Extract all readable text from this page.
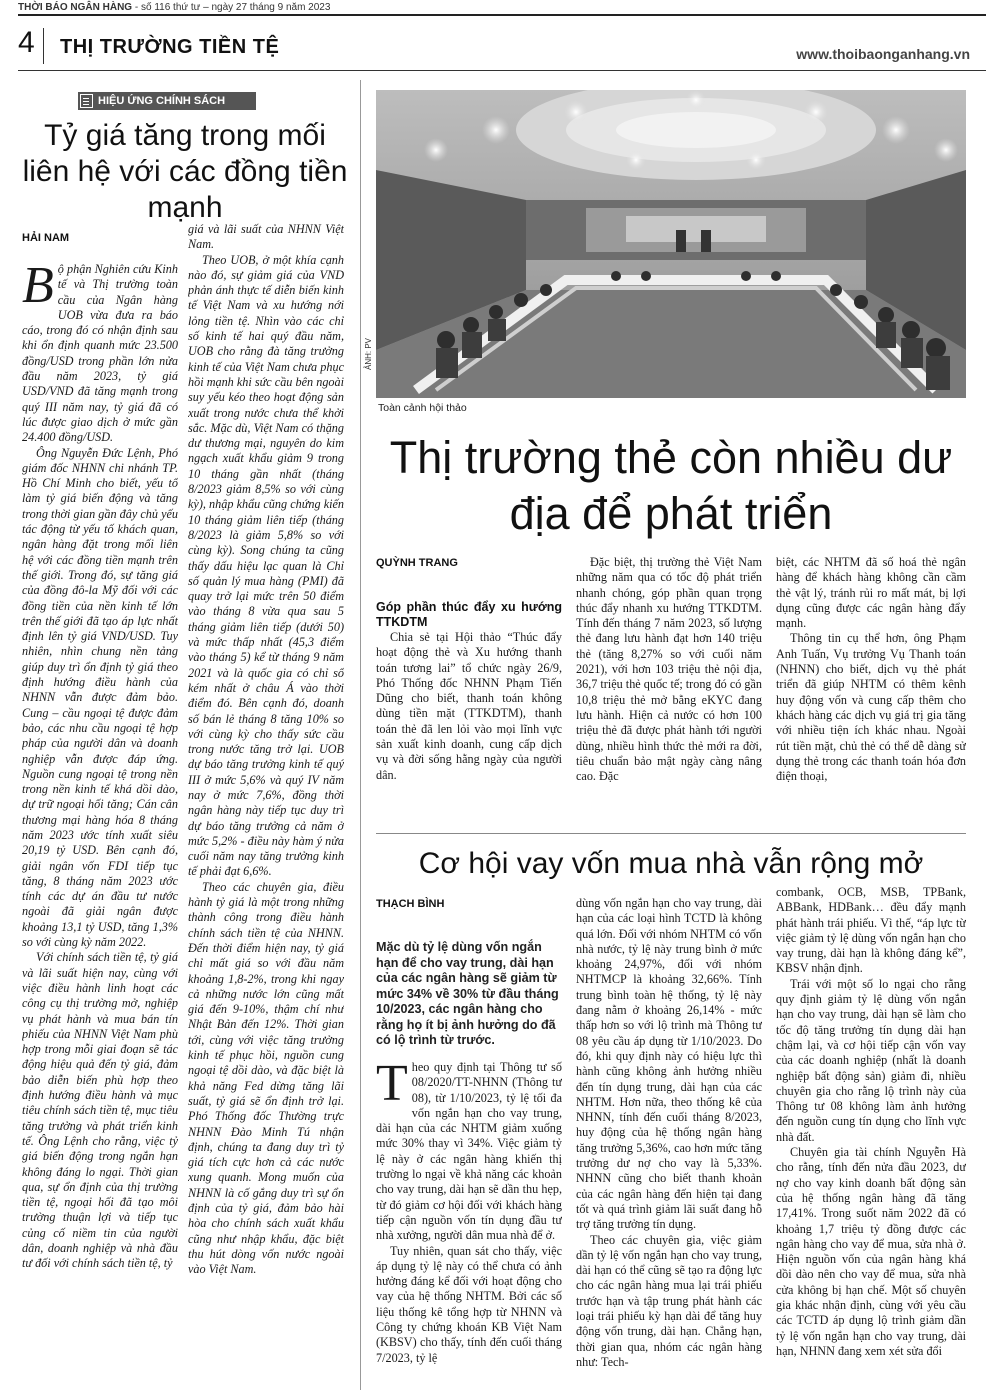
THỜI BÁO NGÂN HÀNG - số 116 thứ tư – ngày 27 tháng 9 năm 2023
4 THỊ TRƯỜNG TIỀN TỆ	www.thoibaonganhang.vn
HIỆU ỨNG CHÍNH SÁCH
Tỷ giá tăng trong mối liên hệ với các đồng tiền mạnh
HẢI NAM

Bộ phận Nghiên cứu Kinh tế và Thị trường toàn cầu của Ngân hàng UOB vừa đưa ra báo cáo, trong đó có nhận định sau khi ổn định quanh mức 23.500 đồng/USD trong phần lớn nửa đầu năm 2023, tỷ giá USD/VND đã tăng mạnh trong quý III năm nay, tỷ giá đã có lúc được giao dịch ở mức gần 24.400 đồng/USD.

Ông Nguyễn Đức Lệnh, Phó giám đốc NHNN chi nhánh TP. Hồ Chí Minh cho biết, yếu tố làm tỷ giá biến động và tăng trong thời gian gần đây chủ yếu tác động từ yếu tố khách quan, ngân hàng đặt trong mối liên hệ với các đồng tiền mạnh trên thế giới. Trong đó, sự tăng giá của đồng đô-la Mỹ đối với các đồng tiền của nền kinh tế lớn trên thế giới đã tạo áp lực nhất định lên tỷ giá VND/USD. Tuy nhiên, nhìn chung nền tảng giúp duy trì ổn định tỷ giá theo định hướng điều hành của NHNN vẫn được đảm bảo. Cung – cầu ngoại tệ được đảm bảo, các nhu cầu ngoại tệ hợp pháp của người dân và doanh nghiệp vẫn được đáp ứng. Nguồn cung ngoại tệ trong nền trong nền kinh tế khá dồi dào, dự trữ ngoại hối tăng; Cán cân thương mại hàng hóa 8 tháng năm 2023 ước tính xuất siêu 20,19 tỷ USD. Bên cạnh đó, giải ngân vốn FDI tiếp tục tăng, 8 tháng năm 2023 ước tính các dự án đầu tư nước ngoài đã giải ngân được khoảng 13,1 tỷ USD, tăng 1,3% so với cùng kỳ năm 2022.

Với chính sách tiền tệ, tỷ giá và lãi suất hiện nay, cùng với việc điều hành linh hoạt các công cụ thị trường mở, nghiệp vụ phát hành và mua bán tín phiếu của NHNN Việt Nam phù hợp trong mỗi giai đoạn sẽ tác động hiệu quả đến tỷ giá, đảm bảo diễn biến phù hợp theo định hướng điều hành và mục tiêu chính sách tiền tệ, mục tiêu tăng trưởng và phát triển kinh tế. Ông Lệnh cho rằng, việc tỷ giá biến động trong ngắn hạn không đáng lo ngại. Thời gian qua, sự ổn định của thị trường tiền tệ, ngoại hối đã tạo môi trường thuận lợi và tiếp tục củng cố niềm tin của người dân, doanh nghiệp và nhà đầu tư đối với chính sách tiền tệ, tỷ

giá và lãi suất của NHNN Việt Nam.

Theo UOB, ở một khía cạnh nào đó, sự giảm giá của VND phản ánh thực tế diễn biến kinh tế Việt Nam và xu hướng nới lỏng tiền tệ. Nhìn vào các chỉ số kinh tế hai quý đầu năm, UOB cho rằng đà tăng trưởng kinh tế của Việt Nam chưa phục hồi mạnh khi sức cầu bên ngoài suy yếu kéo theo hoạt động sản xuất trong nước chưa thể khởi sắc. Mặc dù, Việt Nam có thặng dư thương mại, nguyên do kim ngạch xuất khẩu giảm 9 trong 10 tháng gần nhất (tháng 8/2023 giảm 8,5% so với cùng kỳ), nhập khẩu cũng chứng kiến 10 tháng giảm liên tiếp (tháng 8/2023 là giảm 5,8% so với cùng kỳ). Song chúng ta cũng thấy dấu hiệu lạc quan là Chỉ số quản lý mua hàng (PMI) đã quay trở lại mức trên 50 điểm vào tháng 8 vừa qua sau 5 tháng giảm liên tiếp (dưới 50) và mức thấp nhất (45,3 điểm vào tháng 5) kể từ tháng 9 năm 2021 và là quốc gia có chỉ số kém nhất ở châu Á vào thời điểm đó. Bên cạnh đó, doanh số bán lẻ tháng 8 tăng 10% so với cùng kỳ cho thấy sức cầu trong nước tăng trở lại. UOB dự báo tăng trưởng kinh tế quý III ở mức 5,6% và quý IV năm nay ở mức 7,6%, đồng thời ngân hàng này tiếp tục duy trì dự báo tăng trưởng cả năm ở mức 5,2% - điều này hàm ý nửa cuối năm nay tăng trưởng kinh tế phải đạt 6,6%.

Theo các chuyên gia, điều hành tỷ giá là một trong những thành công trong điều hành chính sách tiền tệ của NHNN. Đến thời điểm hiện nay, tỷ giá chỉ mất giá so với đầu năm khoảng 1,8-2%, trong khi ngay cả những nước lớn cũng mất giá đến 9-10%, thậm chí như Nhật Bản đến 12%. Thời gian tới, cùng với việc tăng trưởng kinh tế phục hồi, nguồn cung ngoại tệ dồi dào, và đặc biệt là khả năng Fed dừng tăng lãi suất, tỷ giá sẽ ổn định trở lại. Phó Thống đốc Thường trực NHNN Đào Minh Tú nhận định, chúng ta đang duy trì tỷ giá tích cực hơn cả các nước xung quanh. Mong muốn của NHNN là cố gắng duy trì sự ổn định của tỷ giá, đảm bảo hài hòa cho chính sách xuất khẩu cũng như nhập khẩu, đặc biệt thu hút dòng vốn nước ngoài vào Việt Nam.

ẢNH: PV
Toàn cảnh hội thảo
Thị trường thẻ còn nhiều dư địa để phát triển
QUỲNH TRANG

Góp phần thúc đẩy xu hướng TTKDTM

Chia sẻ tại Hội thảo “Thúc đẩy hoạt động thẻ và Xu hướng thanh toán tương lai” tổ chức ngày 26/9, Phó Thống đốc NHNN Phạm Tiến Dũng cho biết, thanh toán không dùng tiền mặt (TTKDTM), thanh toán thẻ đã len lỏi vào mọi lĩnh vực sản xuất kinh doanh, cung cấp dịch vụ và đời sống hằng ngày của người dân.

Đặc biệt, thị trường thẻ Việt Nam những năm qua có tốc độ phát triển nhanh chóng, góp phần quan trọng thúc đẩy nhanh xu hướng TTKDTM. Tính đến tháng 7 năm 2023, số lượng thẻ đang lưu hành đạt hơn 140 triệu thẻ (tăng 8,27% so với cuối năm 2021), với hơn 103 triệu thẻ nội địa, 36,7 triệu thẻ quốc tế; trong đó có gần 10,8 triệu thẻ mở bằng eKYC đang lưu hành. Hiện cả nước có hơn 100 triệu thẻ đã được phát hành tới người dùng, nhiều hình thức thẻ mới ra đời, tiêu chuẩn bảo mật ngày càng nâng cao. Đặc

biệt, các NHTM đã số hoá thẻ ngân hàng để khách hàng không cần cầm thẻ vật lý, tránh rủi ro mất mát, bị lợi dụng cũng được các ngân hàng đẩy mạnh.

Thông tin cụ thể hơn, ông Phạm Anh Tuấn, Vụ trưởng Vụ Thanh toán (NHNN) cho biết, dịch vụ thẻ phát triển đã giúp NHTM có thêm kênh huy động vốn và cung cấp thêm cho khách hàng các dịch vụ giá trị gia tăng với nhiều tiện ích khác nhau. Ngoài rút tiền mặt, chủ thẻ có thể dễ dàng sử dụng thẻ trong các thanh toán hóa đơn điện thoại,

Cơ hội vay vốn mua nhà vẫn rộng mở
THẠCH BÌNH
Mặc dù tỷ lệ dùng vốn ngắn hạn để cho vay trung, dài hạn của các ngân hàng sẽ giảm từ mức 34% về 30% từ đầu tháng 10/2023, các ngân hàng cho rằng họ ít bị ảnh hưởng do đã có lộ trình từ trước.

Theo quy định tại Thông tư số 08/2020/TT-NHNN (Thông tư 08), từ 1/10/2023, tỷ lệ tối đa vốn ngắn hạn cho vay trung, dài hạn của các NHTM giảm xuống mức 30% thay vì 34%. Việc giảm tỷ lệ này ở các ngân hàng khiến thị trường lo ngại về khả năng các khoản cho vay trung, dài hạn sẽ dần thu hẹp, từ đó giảm cơ hội đối với khách hàng tiếp cận nguồn vốn tín dụng đầu tư nhà xưởng, người dân mua nhà để ở.

Tuy nhiên, quan sát cho thấy, việc áp dụng tỷ lệ này có thể chưa có ảnh hưởng đáng kể đối với hoạt động cho vay của hệ thống NHTM. Bởi các số liệu thống kê tổng hợp từ NHNN và Công ty chứng khoán KB Việt Nam (KBSV) cho thấy, tính đến cuối tháng 7/2023, tỷ lệ

dùng vốn ngắn hạn cho vay trung, dài hạn của các loại hình TCTD là không quá lớn. Đối với nhóm NHTM có vốn nhà nước, tỷ lệ này trung bình ở mức khoảng 24,97%, đối với nhóm NHTMCP là khoảng 32,66%. Tính trung bình toàn hệ thống, tỷ lệ này đang nằm ở khoảng 26,14% - mức thấp hơn so với lộ trình mà Thông tư 08 yêu cầu áp dụng từ 1/10/2023. Do đó, khi quy định này có hiệu lực thì hành cũng không ảnh hưởng nhiều đến tín dụng trung, dài hạn của các NHTM. Hơn nữa, theo thống kê của NHNN, tính đến cuối tháng 8/2023, huy động của hệ thống ngân hàng tăng trưởng 5,36%, cao hơn mức tăng trưởng dư nợ cho vay là 5,33%. NHNN cũng cho biết thanh khoản của các ngân hàng đến hiện tại đang tốt và quá trình giảm lãi suất đang hỗ trợ tăng trưởng tín dụng.

Theo các chuyên gia, việc giảm dần tỷ lệ vốn ngắn hạn cho vay trung, dài hạn có thể cũng sẽ tạo ra động lực cho các ngân hàng mua lại trái phiếu trước hạn và tập trung phát hành các loại trái phiếu kỳ hạn dài để tăng huy động vốn trung, dài hạn. Chẳng hạn, thời gian qua, nhóm các ngân hàng như: Tech-

combank, OCB, MSB, TPBank, ABBank, HDBank… đều đẩy mạnh phát hành trái phiếu. Vì thế, “áp lực từ việc giảm tỷ lệ dùng vốn ngắn hạn cho vay trung, dài hạn là không đáng kể”, KBSV nhận định.

Trái với một số lo ngại cho rằng quy định giảm tỷ lệ dùng vốn ngắn hạn cho vay trung, dài hạn sẽ làm cho tốc độ tăng trưởng tín dụng dài hạn chậm lại, và cơ hội tiếp cận vốn vay của các doanh nghiệp (nhất là doanh nghiệp bất động sản) giảm đi, nhiều chuyên gia cho rằng lộ trình này của Thông tư 08 không làm ảnh hưởng đến nguồn cung tín dụng cho lĩnh vực nhà đất.

Chuyên gia tài chính Nguyễn Hà cho rằng, tính đến nửa đầu 2023, dư nợ cho vay kinh doanh bất động sản của hệ thống ngân hàng đã tăng 17,41%. Trong suốt năm 2022 đã có khoảng 1,7 triệu tỷ đồng được các ngân hàng cho vay để mua, sửa nhà ở. Hiện nguồn vốn của ngân hàng khá dồi dào nên cho vay để mua, sửa nhà cửa không bị hạn chế. Một số chuyên gia khác nhận định, cùng với yêu cầu các TCTD áp dụng lộ trình giảm dần tỷ lệ vốn ngắn hạn cho vay trung, dài hạn, NHNN đang xem xét sửa đổi
